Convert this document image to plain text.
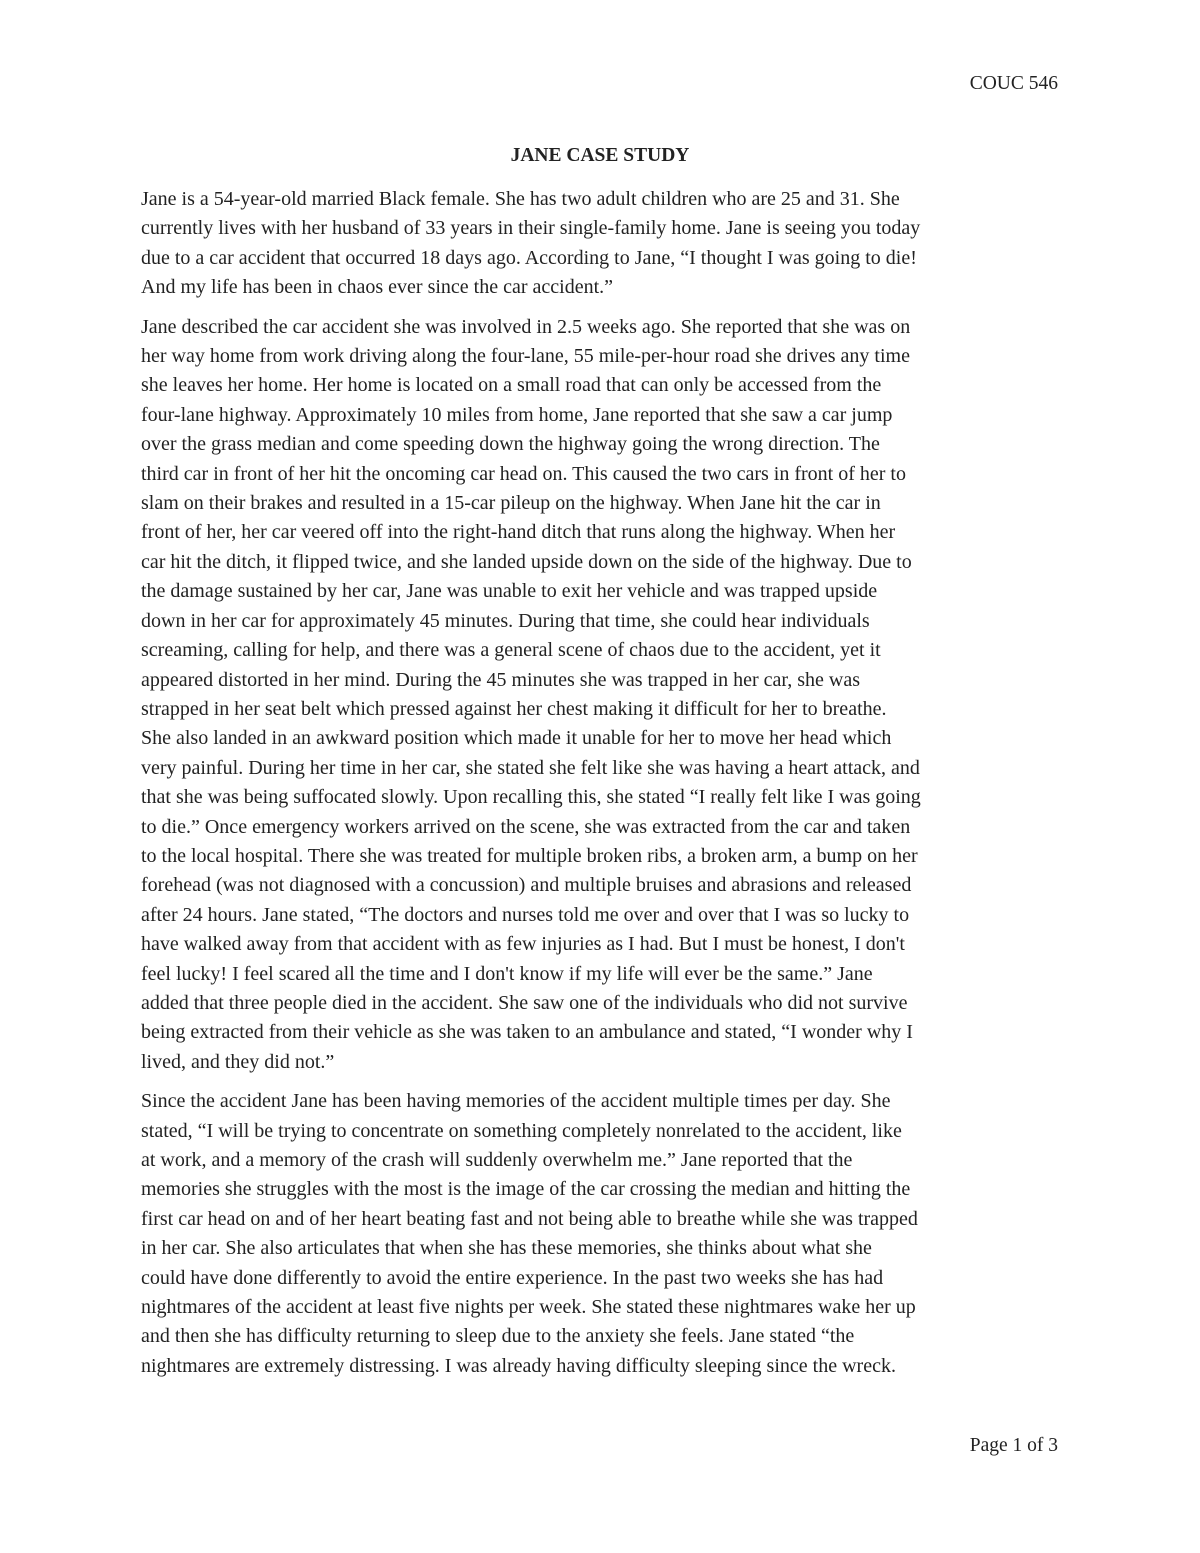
COUC 546
JANE CASE STUDY
Jane is a 54-year-old married Black female. She has two adult children who are 25 and 31. She
currently lives with her husband of 33 years in their single-family home. Jane is seeing you today
due to a car accident that occurred 18 days ago. According to Jane, “I thought I was going to die!
And my life has been in chaos ever since the car accident.”
Jane described the car accident she was involved in 2.5 weeks ago. She reported that she was on
her way home from work driving along the four-lane, 55 mile-per-hour road she drives any time
she leaves her home. Her home is located on a small road that can only be accessed from the
four-lane highway. Approximately 10 miles from home, Jane reported that she saw a car jump
over the grass median and come speeding down the highway going the wrong direction. The
third car in front of her hit the oncoming car head on. This caused the two cars in front of her to
slam on their brakes and resulted in a 15-car pileup on the highway. When Jane hit the car in
front of her, her car veered off into the right-hand ditch that runs along the highway. When her
car hit the ditch, it flipped twice, and she landed upside down on the side of the highway. Due to
the damage sustained by her car, Jane was unable to exit her vehicle and was trapped upside
down in her car for approximately 45 minutes. During that time, she could hear individuals
screaming, calling for help, and there was a general scene of chaos due to the accident, yet it
appeared distorted in her mind. During the 45 minutes she was trapped in her car, she was
strapped in her seat belt which pressed against her chest making it difficult for her to breathe.
She also landed in an awkward position which made it unable for her to move her head which
very painful. During her time in her car, she stated she felt like she was having a heart attack, and
that she was being suffocated slowly. Upon recalling this, she stated “I really felt like I was going
to die.” Once emergency workers arrived on the scene, she was extracted from the car and taken
to the local hospital. There she was treated for multiple broken ribs, a broken arm, a bump on her
forehead (was not diagnosed with a concussion) and multiple bruises and abrasions and released
after 24 hours. Jane stated, “The doctors and nurses told me over and over that I was so lucky to
have walked away from that accident with as few injuries as I had. But I must be honest, I don't
feel lucky! I feel scared all the time and I don't know if my life will ever be the same.” Jane
added that three people died in the accident. She saw one of the individuals who did not survive
being extracted from their vehicle as she was taken to an ambulance and stated, “I wonder why I
lived, and they did not.”
Since the accident Jane has been having memories of the accident multiple times per day. She
stated, “I will be trying to concentrate on something completely nonrelated to the accident, like
at work, and a memory of the crash will suddenly overwhelm me.” Jane reported that the
memories she struggles with the most is the image of the car crossing the median and hitting the
first car head on and of her heart beating fast and not being able to breathe while she was trapped
in her car. She also articulates that when she has these memories, she thinks about what she
could have done differently to avoid the entire experience. In the past two weeks she has had
nightmares of the accident at least five nights per week. She stated these nightmares wake her up
and then she has difficulty returning to sleep due to the anxiety she feels. Jane stated “the
nightmares are extremely distressing. I was already having difficulty sleeping since the wreck.
Page 1 of 3
